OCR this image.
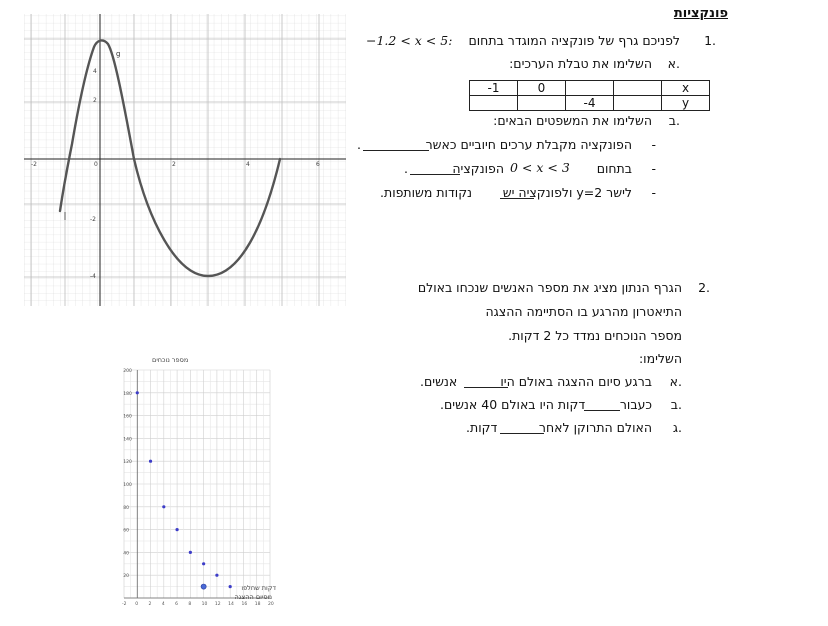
פונקציות
1.
לפניכם גרף של פונקציה המוגדר בתחום
−1.2 < x < 5:
א.
השלימו את טבלת הערכים:
-1	0			x
		-4		y
ב.
השלימו את המשפטים הבאים:
-
הפונקציה מקבלת ערכים חיוביים כאשר
.
-
בתחום
0 < x < 3
הפונקציה
.
-
לישר y=2 ולפונקציה יש
נקודות משותפות.
-2	0	2	4	6
4
2
-2
-4
g
2.
הגרף הנתון מציג את מספר האנשים שנכחו באולם
התיאטרון מהרגע בו הסתיימה ההצגה
מספר הנוכחים נמדד כל 2 דקות.
השלימו:
א.
ברגע סיום ההצגה באולם היו
אנשים.
ב.
כעבור
דקות היו באולם 40 אנשים.
ג.
האולם התרוקן לאחר
דקות.
-2 0 2 4 6 8 10 12 14 16 18 20
20
40
60
80
100
120
140
160
180
200
מספר נוכחים
דקות שחלפו מסיום ההצגה
